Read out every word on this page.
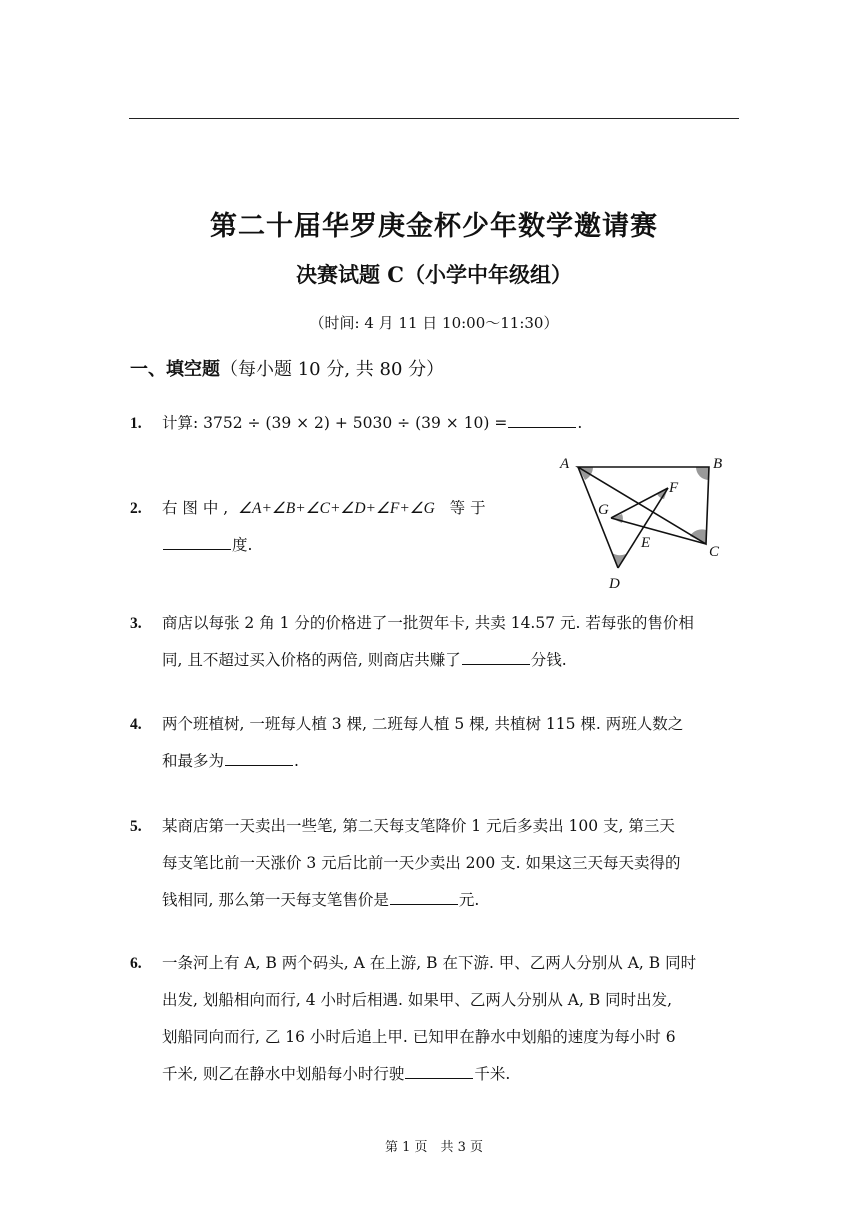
第二十届华罗庚金杯少年数学邀请赛
决赛试题 C（小学中年级组）
（时间: 4 月 11 日 10:00～11:30）
一、填空题（每小题 10 分, 共 80 分）
1. 计算: 3752 ÷ (39 × 2) + 5030 ÷ (39 × 10) =	.
2. 右 图 中 , ∠A+∠B+∠C+∠D+∠F+∠G 等 于
度.
A	B
C
D
E
F
G
3. 商店以每张 2 角 1 分的价格进了一批贺年卡, 共卖 14.57 元. 若每张的售价相
同, 且不超过买入价格的两倍, 则商店共赚了	分钱.
4. 两个班植树, 一班每人植 3 棵, 二班每人植 5 棵, 共植树 115 棵. 两班人数之
和最多为	.
5. 某商店第一天卖出一些笔, 第二天每支笔降价 1 元后多卖出 100 支, 第三天
每支笔比前一天涨价 3 元后比前一天少卖出 200 支. 如果这三天每天卖得的
钱相同, 那么第一天每支笔售价是	元.
6. 一条河上有 A, B 两个码头, A 在上游, B 在下游. 甲、乙两人分别从 A, B 同时
出发, 划船相向而行, 4 小时后相遇. 如果甲、乙两人分别从 A, B 同时出发,
划船同向而行, 乙 16 小时后追上甲. 已知甲在静水中划船的速度为每小时 6
千米, 则乙在静水中划船每小时行驶	千米.
第 1 页　共 3 页
